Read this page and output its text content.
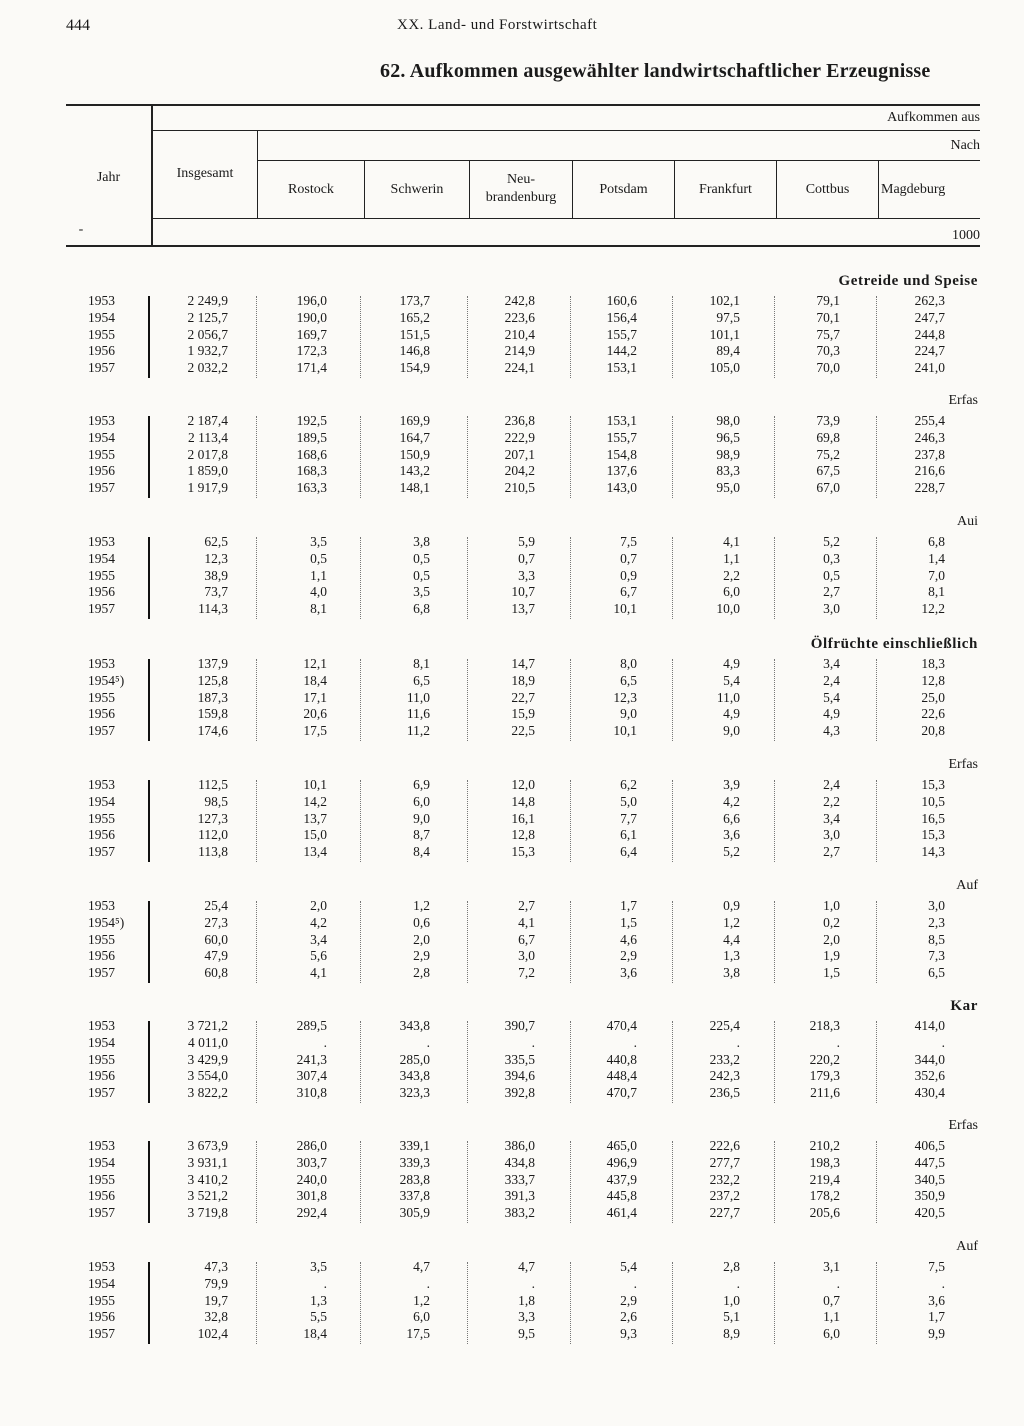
444	XX. Land- und Forstwirtschaft
62. Aufkommen ausgewählter landwirtschaftlicher Erzeugnisse
Jahr
-
Insgesamt
Aufkommen aus
Nach
1000
Rostock	Schwerin
Neu-
brandenburg
Potsdam	Frankfurt	Cottbus	Magdeburg
Getreide und Speise
1953	2 249,9	196,0	173,7	242,8	160,6	102,1	79,1	262,3
1954	2 125,7	190,0	165,2	223,6	156,4	97,5	70,1	247,7
1955	2 056,7	169,7	151,5	210,4	155,7	101,1	75,7	244,8
1956	1 932,7	172,3	146,8	214,9	144,2	89,4	70,3	224,7
1957	2 032,2	171,4	154,9	224,1	153,1	105,0	70,0	241,0
Erfas
1953	2 187,4	192,5	169,9	236,8	153,1	98,0	73,9	255,4
1954	2 113,4	189,5	164,7	222,9	155,7	96,5	69,8	246,3
1955	2 017,8	168,6	150,9	207,1	154,8	98,9	75,2	237,8
1956	1 859,0	168,3	143,2	204,2	137,6	83,3	67,5	216,6
1957	1 917,9	163,3	148,1	210,5	143,0	95,0	67,0	228,7
Aui
1953	62,5	3,5	3,8	5,9	7,5	4,1	5,2	6,8
1954	12,3	0,5	0,5	0,7	0,7	1,1	0,3	1,4
1955	38,9	1,1	0,5	3,3	0,9	2,2	0,5	7,0
1956	73,7	4,0	3,5	10,7	6,7	6,0	2,7	8,1
1957	114,3	8,1	6,8	13,7	10,1	10,0	3,0	12,2
Ölfrüchte einschließlich
1953	137,9	12,1	8,1	14,7	8,0	4,9	3,4	18,3
1954⁵)	125,8	18,4	6,5	18,9	6,5	5,4	2,4	12,8
1955	187,3	17,1	11,0	22,7	12,3	11,0	5,4	25,0
1956	159,8	20,6	11,6	15,9	9,0	4,9	4,9	22,6
1957	174,6	17,5	11,2	22,5	10,1	9,0	4,3	20,8
Erfas
1953	112,5	10,1	6,9	12,0	6,2	3,9	2,4	15,3
1954	98,5	14,2	6,0	14,8	5,0	4,2	2,2	10,5
1955	127,3	13,7	9,0	16,1	7,7	6,6	3,4	16,5
1956	112,0	15,0	8,7	12,8	6,1	3,6	3,0	15,3
1957	113,8	13,4	8,4	15,3	6,4	5,2	2,7	14,3
Auf
1953	25,4	2,0	1,2	2,7	1,7	0,9	1,0	3,0
1954⁵)	27,3	4,2	0,6	4,1	1,5	1,2	0,2	2,3
1955	60,0	3,4	2,0	6,7	4,6	4,4	2,0	8,5
1956	47,9	5,6	2,9	3,0	2,9	1,3	1,9	7,3
1957	60,8	4,1	2,8	7,2	3,6	3,8	1,5	6,5
Kar
1953	3 721,2	289,5	343,8	390,7	470,4	225,4	218,3	414,0
1954	4 011,0	.	.	.	.	.	.	.
1955	3 429,9	241,3	285,0	335,5	440,8	233,2	220,2	344,0
1956	3 554,0	307,4	343,8	394,6	448,4	242,3	179,3	352,6
1957	3 822,2	310,8	323,3	392,8	470,7	236,5	211,6	430,4
Erfas
1953	3 673,9	286,0	339,1	386,0	465,0	222,6	210,2	406,5
1954	3 931,1	303,7	339,3	434,8	496,9	277,7	198,3	447,5
1955	3 410,2	240,0	283,8	333,7	437,9	232,2	219,4	340,5
1956	3 521,2	301,8	337,8	391,3	445,8	237,2	178,2	350,9
1957	3 719,8	292,4	305,9	383,2	461,4	227,7	205,6	420,5
Auf
1953	47,3	3,5	4,7	4,7	5,4	2,8	3,1	7,5
1954	79,9	.	.	.	.	.	.	.
1955	19,7	1,3	1,2	1,8	2,9	1,0	0,7	3,6
1956	32,8	5,5	6,0	3,3	2,6	5,1	1,1	1,7
1957	102,4	18,4	17,5	9,5	9,3	8,9	6,0	9,9
